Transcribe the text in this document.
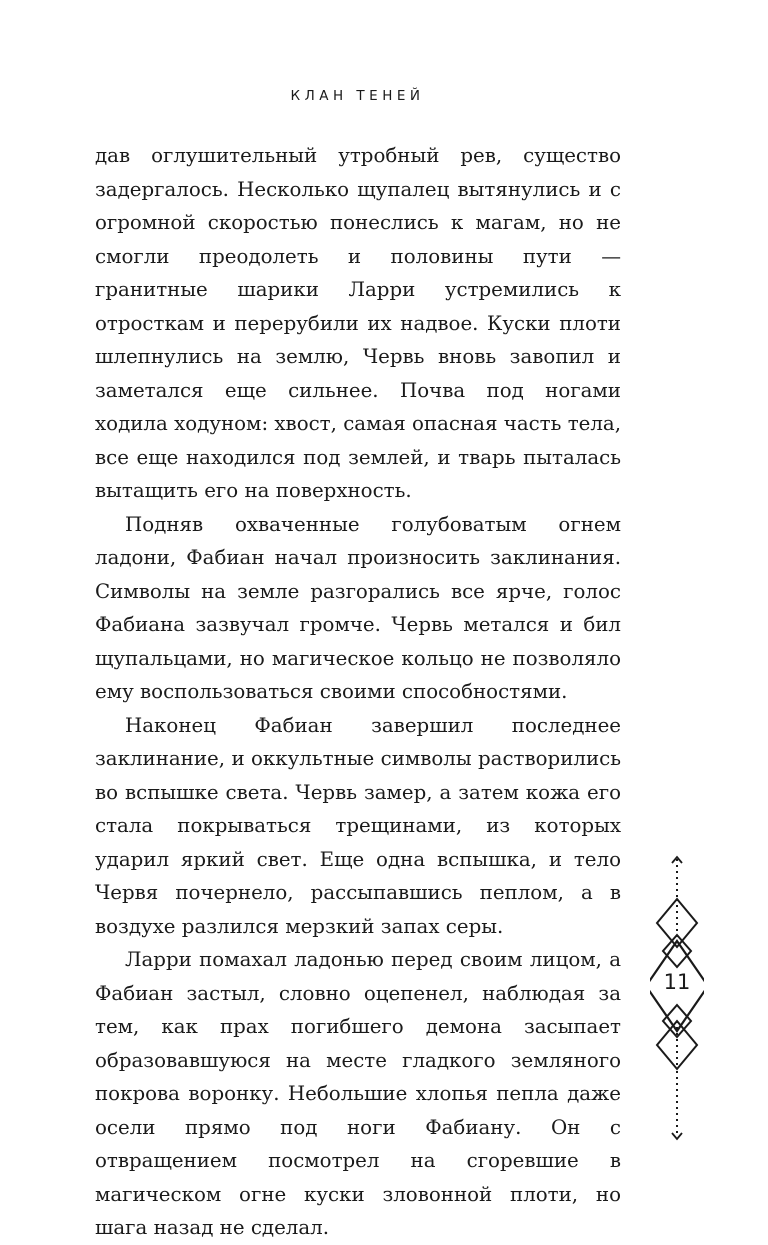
КЛАН ТЕНЕЙ

дав оглушительный утробный рев, существо задергалось. Несколько щупалец вытянулись и с огромной скоростью понеслись к магам, но не смогли преодолеть и половины пути — гранитные шарики Ларри устремились к отросткам и перерубили их надвое. Куски плоти шлепнулись на землю, Червь вновь завопил и заметался еще сильнее. Почва под ногами ходила ходуном: хвост, самая опасная часть тела, все еще находился под землей, и тварь пыталась вытащить его на поверхность.

Подняв охваченные голубоватым огнем ладони, Фабиан начал произносить заклинания. Символы на земле разгорались все ярче, голос Фабиана зазвучал громче. Червь метался и бил щупальцами, но магическое кольцо не позволяло ему воспользоваться своими способностями.

Наконец Фабиан завершил последнее заклинание, и оккультные символы растворились во вспышке света. Червь замер, а затем кожа его стала покрываться трещинами, из которых ударил яркий свет. Еще одна вспышка, и тело Червя почернело, рассыпавшись пеплом, а в воздухе разлился мерзкий запах серы.

Ларри помахал ладонью перед своим лицом, а Фабиан застыл, словно оцепенел, наблюдая за тем, как прах погибшего демона засыпает образовавшуюся на месте гладкого земляного покрова воронку. Небольшие хлопья пепла даже осели прямо под ноги Фабиану. Он с отвращением посмотрел на сгоревшие в магическом огне куски зловонной плоти, но шага назад не сделал.

11
